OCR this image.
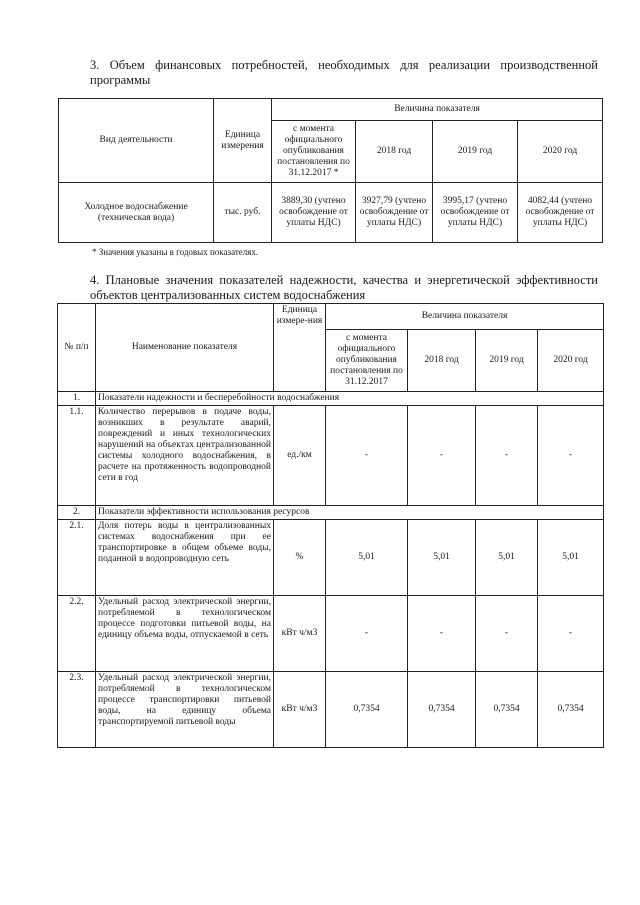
3. Объем финансовых потребностей, необходимых для реализации производственной программы
Вид деятельности	Единица измерения	Величина показателя			
		с момента официального опубликования постановления по 31.12.2017 *	2018 год	2019 год	2020 год
Холодное водоснабжение (техническая вода)	тыс. руб.	3889,30 (учтено освобождение от уплаты НДС)	3927,79 (учтено освобождение от уплаты НДС)	3995,17 (учтено освобождение от уплаты НДС)	4082,44 (учтено освобождение от уплаты НДС)
* Значения указаны в годовых показателях.
4. Плановые значения показателей надежности, качества и энергетической эффективности объектов централизованных систем водоснабжения
№ п/п	Наименование показателя	Единица измере-ния	Величина показателя			
			с момента официального опубликования постановления по 31.12.2017	2018 год	2019 год	2020 год
1.	Показатели надежности и бесперебойности водоснабжения					
1.1.	Количество перерывов в подаче воды, возникших в результате аварий, повреждений и иных технологических нарушений на объектах централизованной системы холодного водоснабжения, в расчете на протяженность водопроводной сети в год	ед./км	-	-	-	-
2.	Показатели эффективности использования ресурсов					
2.1.	Доля потерь воды в централизованных системах водоснабжения при ее транспортировке в общем объеме воды, поданной в водопроводную сеть	%	5,01	5,01	5,01	5,01
2.2.	Удельный расход электрической энергии, потребляемой в технологическом процессе подготовки питьевой воды, на единицу объема воды, отпускаемой в сеть	кВт ч/м3	-	-	-	-
2.3.	Удельный расход электрической энергии, потребляемой в технологическом процессе транспортировки питьевой воды, на единицу объема транспортируемой питьевой воды	кВт ч/м3	0,7354	0,7354	0,7354	0,7354
